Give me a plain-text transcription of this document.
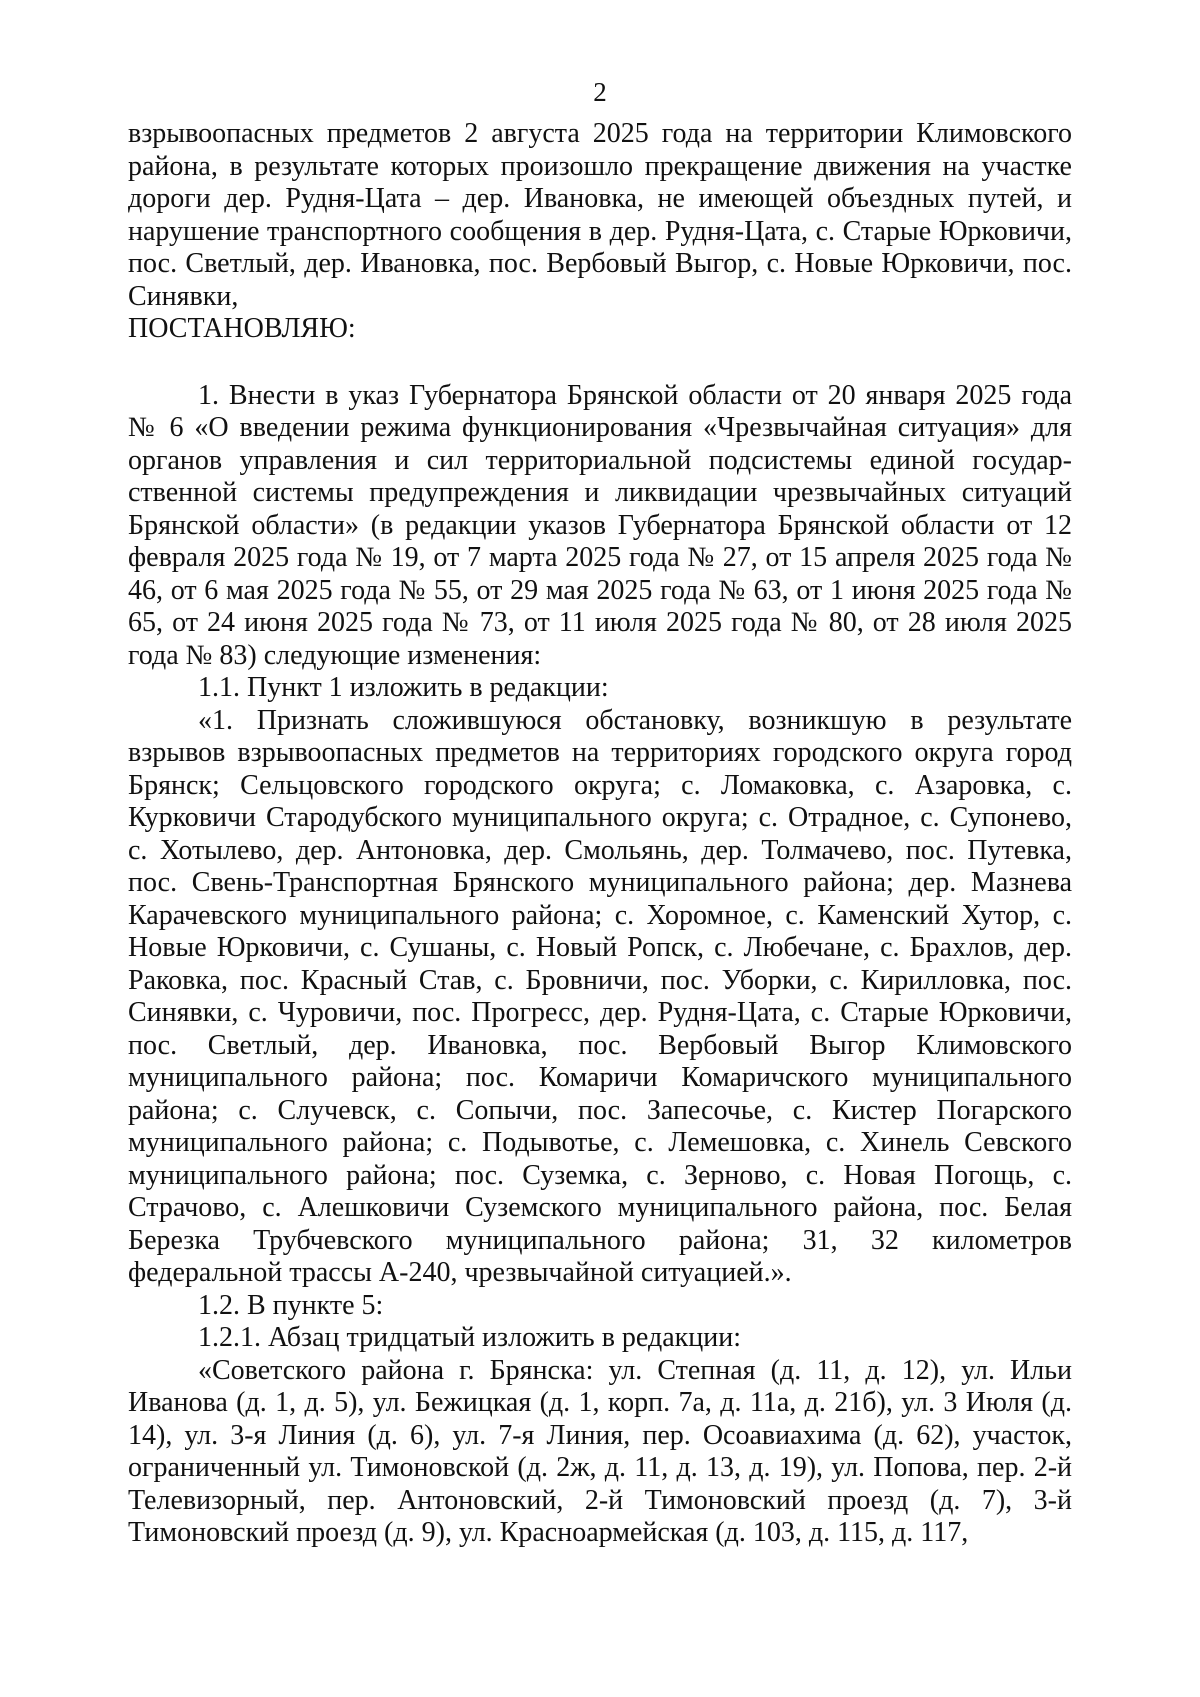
2

взрывоопасных предметов 2 августа 2025 года на территории Климовского района, в результате которых произошло прекращение движения на участке дороги дер. Рудня-Цата – дер. Ивановка, не имеющей объездных путей, и нарушение транспортного сообщения в дер. Рудня-Цата, с. Старые Юрковичи, пос. Светлый, дер. Ивановка, пос. Вербовый Выгор, с. Новые Юрковичи, пос. Синявки,

ПОСТАНОВЛЯЮ:

1. Внести в указ Губернатора Брянской области от 20 января 2025 года № 6 «О введении режима функционирования «Чрезвычайная ситуация» для органов управления и сил территориальной подсистемы единой государ-ственной системы предупреждения и ликвидации чрезвычайных ситуаций Брянской области» (в редакции указов Губернатора Брянской области от 12 февраля 2025 года № 19, от 7 марта 2025 года № 27, от 15 апреля 2025 года № 46, от 6 мая 2025 года № 55, от 29 мая 2025 года № 63, от 1 июня 2025 года № 65, от 24 июня 2025 года № 73, от 11 июля 2025 года № 80, от 28 июля 2025 года № 83) следующие изменения:

1.1. Пункт 1 изложить в редакции:

«1. Признать сложившуюся обстановку, возникшую в результате взрывов взрывоопасных предметов на территориях городского округа город Брянск; Сельцовского городского округа; с. Ломаковка, с. Азаровка, с. Курковичи Стародубского муниципального округа; с. Отрадное, с. Супонево, с. Хотылево, дер. Антоновка, дер. Смольянь, дер. Толмачево, пос. Путевка, пос. Свень-Транспортная Брянского муниципального района; дер. Мазнева Карачевского муниципального района; с. Хоромное, с. Каменский Хутор, с. Новые Юрковичи, с. Сушаны, с. Новый Ропск, с. Любечане, с. Брахлов, дер. Раковка, пос. Красный Став, с. Бровничи, пос. Уборки, с. Кирилловка, пос. Синявки, с. Чуровичи, пос. Прогресс, дер. Рудня-Цата, с. Старые Юрковичи, пос. Светлый, дер. Ивановка, пос. Вербовый Выгор Климовского муниципального района; пос. Комаричи Комаричского муниципального района; с. Случевск, с. Сопычи, пос. Запесочье, с. Кистер Погарского муниципального района; с. Подывотье, с. Лемешовка, с. Хинель Севского муниципального района; пос. Суземка, с. Зерново, с. Новая Погощь, с. Страчово, с. Алешковичи Суземского муниципального района, пос. Белая Березка Трубчевского муниципального района; 31, 32 километров федеральной трассы А-240, чрезвычайной ситуацией.».

1.2. В пункте 5:

1.2.1. Абзац тридцатый изложить в редакции:

«Советского района г. Брянска: ул. Степная (д. 11, д. 12), ул. Ильи Иванова (д. 1, д. 5), ул. Бежицкая (д. 1, корп. 7а, д. 11а, д. 21б), ул. 3 Июля (д. 14), ул. 3-я Линия (д. 6), ул. 7-я Линия, пер. Осоавиахима (д. 62), участок, ограниченный ул. Тимоновской (д. 2ж, д. 11, д. 13, д. 19), ул. Попова, пер. 2-й Телевизорный, пер. Антоновский, 2-й Тимоновский проезд (д. 7), 3-й Тимоновский проезд (д. 9), ул. Красноармейская (д. 103, д. 115, д. 117,
